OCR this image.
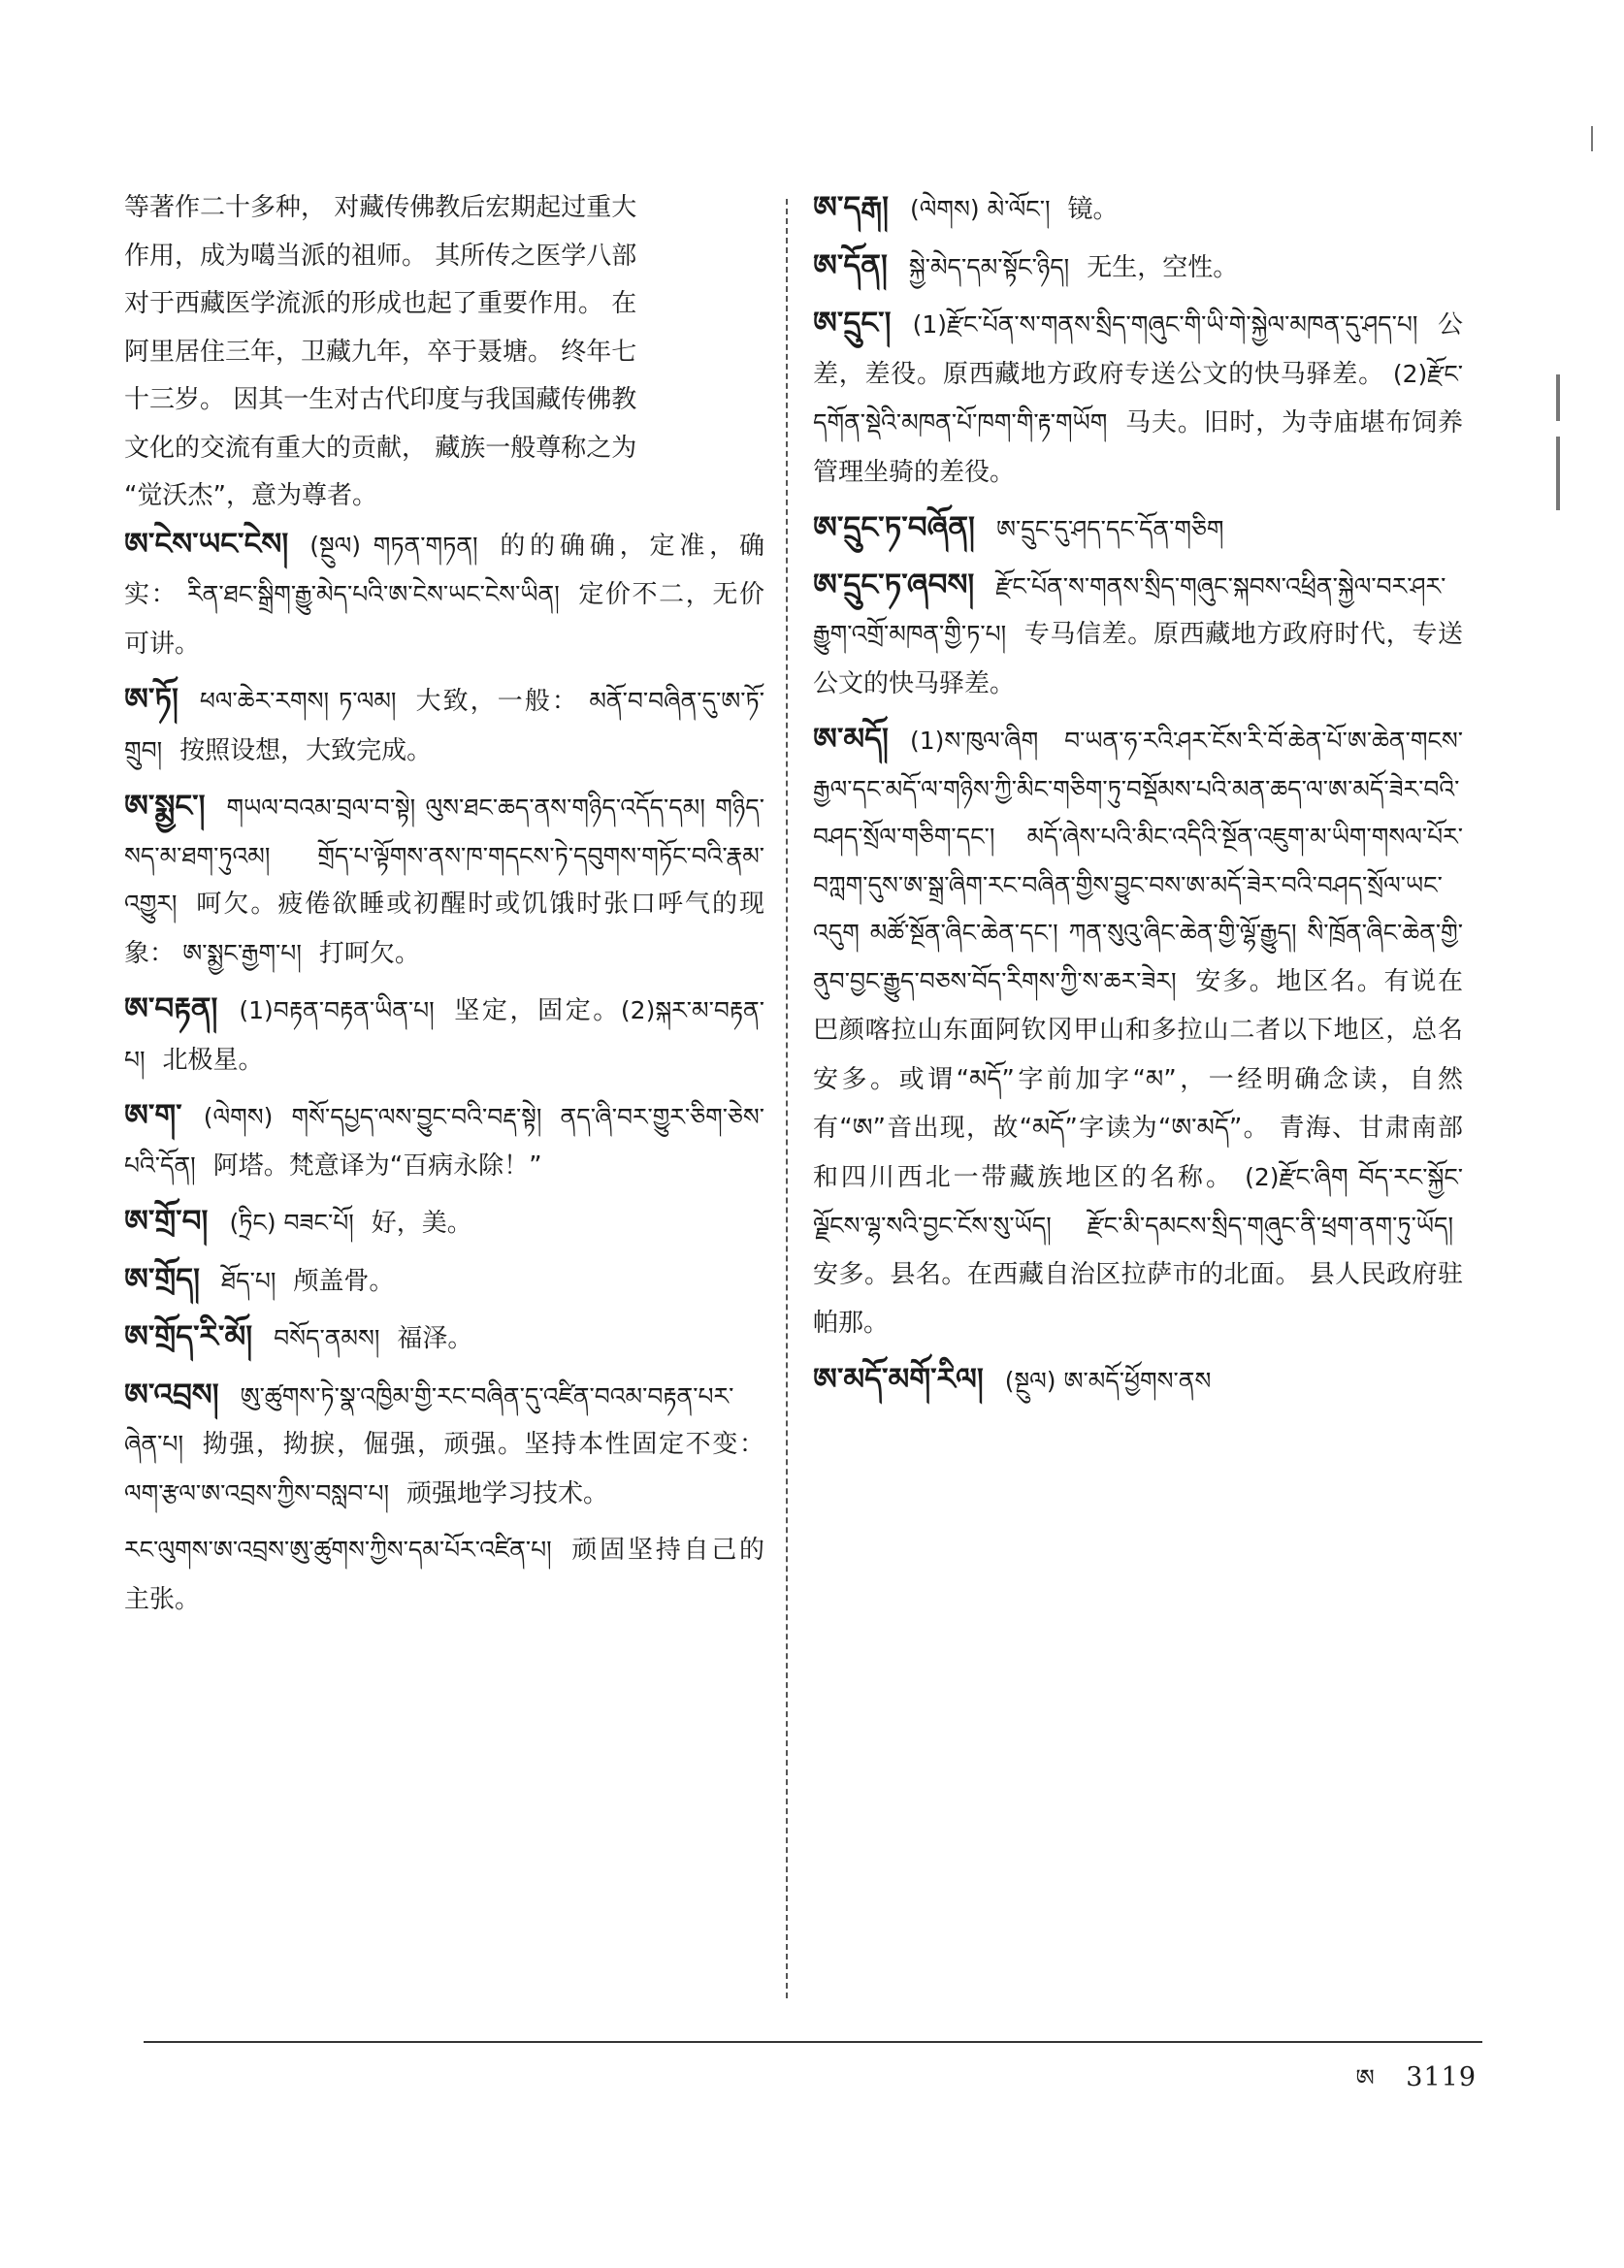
等著作二十多种， 对藏传佛教后宏期起过重大
作用，成为噶当派的祖师。 其所传之医学八部
对于西藏医学流派的形成也起了重要作用。 在
阿里居住三年，卫藏九年，卒于聂塘。 终年七
十三岁。 因其一生对古代印度与我国藏传佛教
文化的交流有重大的贡献， 藏族一般尊称之为
“觉沃杰”，意为尊者。
ཨ་ངེས་ཡང་ངེས། (སྔུལ) གཏན་གཏན། 的的确确，定准，确实： རིན་ཐང་སྒྲིག་རྒྱུ་མེད་པའི་ཨ་ངེས་ཡང་ངེས་ཡིན། 定价不二，无价可讲。
ཨ་ཏོ། ཕལ་ཆེར་རགས། ཏ་ལམ། 大致，一般： མནོ་བ་བཞིན་དུ་ཨ་ཏོ་གྲུབ། 按照设想，大致完成。
ཨ་སྨྱང་། གཡལ་བའམ་བྲལ་བ་སྟེ། ལུས་ཐང་ཆད་ནས་གཉིད་འདོད་དམ། གཉིད་སད་མ་ཐག་ཏུའམ། གྲོད་པ་ལྟོགས་ནས་ཁ་གདངས་ཏེ་དབུགས་གཏོང་བའི་རྣམ་འགྱུར། 呵欠。疲倦欲睡或初醒时或饥饿时张口呼气的现象： ཨ་སྨྱང་རྒྱག་པ། 打呵欠。
ཨ་བརྟན། (1)བརྟན་བརྟན་ཡིན་པ། 坚定，固定。(2)སྐར་མ་བརྟན་པ། 北极星。
ཨ་ག་ (ལེགས) གསོ་དཔྱད་ལས་བྱུང་བའི་བརྡ་སྟེ། ནད་ཞི་བར་གྱུར་ཅིག་ཅེས་པའི་དོན། 阿塔。梵意译为“百病永除！”
ཨ་གྲོ་བ། (ཏྲིང) བཟང་པོ། 好，美。
ཨ་གྲོད། ཐོད་པ། 颅盖骨。
ཨ་གྲོད་རི་མོ། བསོད་ནམས། 福泽。
ཨ་འབྲས། ཨུ་ཚུགས་ཏེ་སྣ་འཁྱིམ་གྱི་རང་བཞིན་དུ་འཛིན་བའམ་བརྟན་པར་ཞེན་པ། 拗强，拗捩，倔强，顽强。坚持本性固定不变： ལག་རྩལ་ཨ་འབྲས་ཀྱིས་བསླབ་པ། 顽强地学习技术。
རང་ལུགས་ཨ་འབྲས་ཨུ་ཚུགས་ཀྱིས་དམ་པོར་འཛིན་པ། 顽固坚持自己的主张。
ཨ་དརྒ། (ལེགས) མེ་ལོང་། 镜。
ཨ་དོན། སྐྱེ་མེད་དམ་སྟོང་ཉིད། 无生，空性。
ཨ་དྲུང་། (1)རྫོང་པོན་ས་གནས་སྲིད་གཞུང་གི་ཡི་གེ་སྐྱེལ་མཁན་དུ་ཤད་པ། 公差，差役。原西藏地方政府专送公文的快马驿差。 (2)རྫོང་དགོན་སྡེའི་མཁན་པོ་ཁག་གི་རྟ་གཡོག 马夫。旧时，为寺庙堪布饲养管理坐骑的差役。
ཨ་དྲུང་ཏ་བཞོན། ཨ་དྲུང་དུ་ཤད་དང་དོན་གཅིག
ཨ་དྲུང་ཏ་ཞབས། རྫོང་པོན་ས་གནས་སྲིད་གཞུང་སྐབས་འཕྲིན་སྐྱེལ་བར་ཤར་རྒྱུག་འགྲོ་མཁན་གྱི་ཏ་པ། 专马信差。原西藏地方政府时代，专送公文的快马驿差。
ཨ་མདོ། (1)ས་ཁུལ་ཞིག བ་ཡན་ཧ་རའི་ཤར་ངོས་རི་བོ་ཆེན་པོ་ཨ་ཆེན་གངས་རྒྱལ་དང་མདོ་ལ་གཉིས་ཀྱི་མིང་གཅིག་ཏུ་བསྡོམས་པའི་མན་ཆད་ལ་ཨ་མདོ་ཟེར་བའི་བཤད་སྲོལ་གཅིག་དང་། མདོ་ཞེས་པའི་མིང་འདིའི་སྔོན་འཇུག་མ་ཡིག་གསལ་པོར་བཀླག་དུས་ཨ་སྒྲ་ཞིག་རང་བཞིན་གྱིས་བྱུང་བས་ཨ་མདོ་ཟེར་བའི་བཤད་སྲོལ་ཡང་འདུག མཚོ་སྔོན་ཞིང་ཆེན་དང་། ཀན་སུའུ་ཞིང་ཆེན་གྱི་ལྷོ་རྒྱུད། སི་ཁྲོན་ཞིང་ཆེན་གྱི་ནུབ་བྱང་རྒྱུད་བཅས་བོད་རིགས་ཀྱི་ས་ཆར་ཟེར། 安多。地区名。有说在巴颜喀拉山东面阿钦冈甲山和多拉山二者以下地区，总名安多。或谓“མདོ”字前加字“མ”，一经明确念读，自然有“ཨ”音出现，故“མདོ”字读为“ཨ་མདོ”。 青海、甘肃南部和四川西北一带藏族地区的名称。 (2)རྫོང་ཞིག བོད་རང་སྐྱོང་ལྗོངས་ལྷ་སའི་བྱང་ངོས་སུ་ཡོད། རྫོང་མི་དམངས་སྲིད་གཞུང་ནི་ཕྲག་ནག་ཏུ་ཡོད། 安多。县名。在西藏自治区拉萨市的北面。 县人民政府驻帕那。
ཨ་མདོ་མགོ་རིལ། (སྔུལ) ཨ་མདོ་ཕྱོགས་ནས
ཨ 3119
